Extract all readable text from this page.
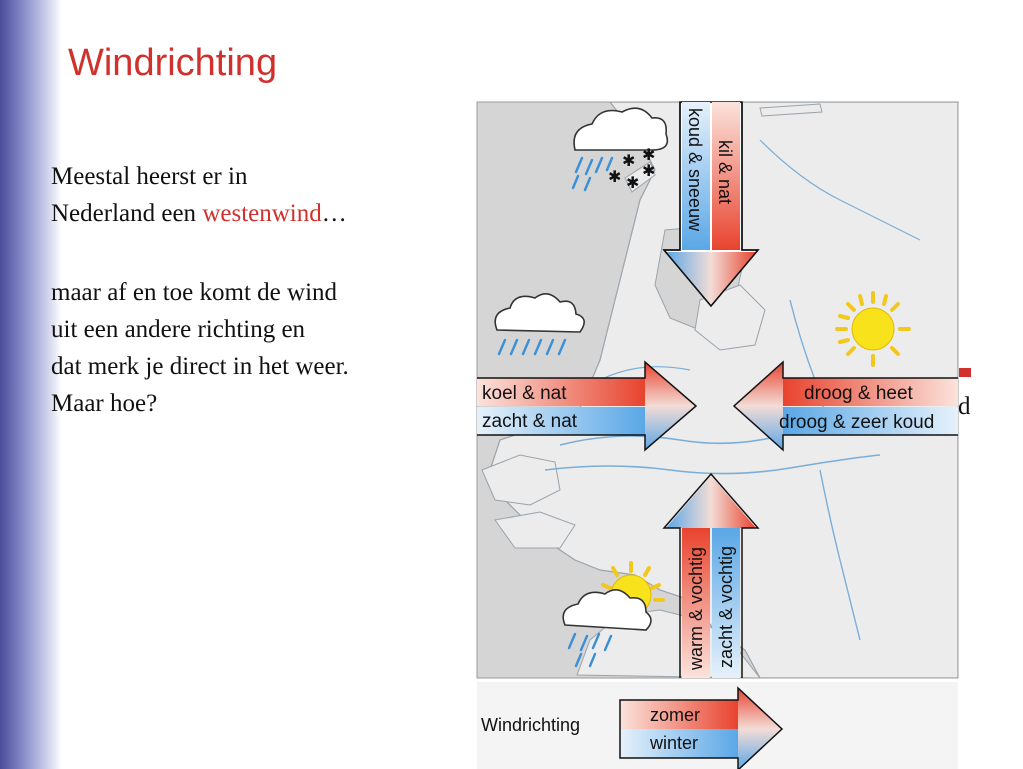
Windrichting
Meestal heerst er in
Nederland een westenwind…
maar af en toe komt de wind
uit een andere richting en
dat merk je direct in het weer.
Maar hoe?	d
koud & sneeuw kil & nat
koel & nat
zacht & nat
droog & heet
droog & zeer koud
warm & vochtig zacht & vochtig
✱ ✱
✱ ✱
✱
Windrichting	zomer
winter
